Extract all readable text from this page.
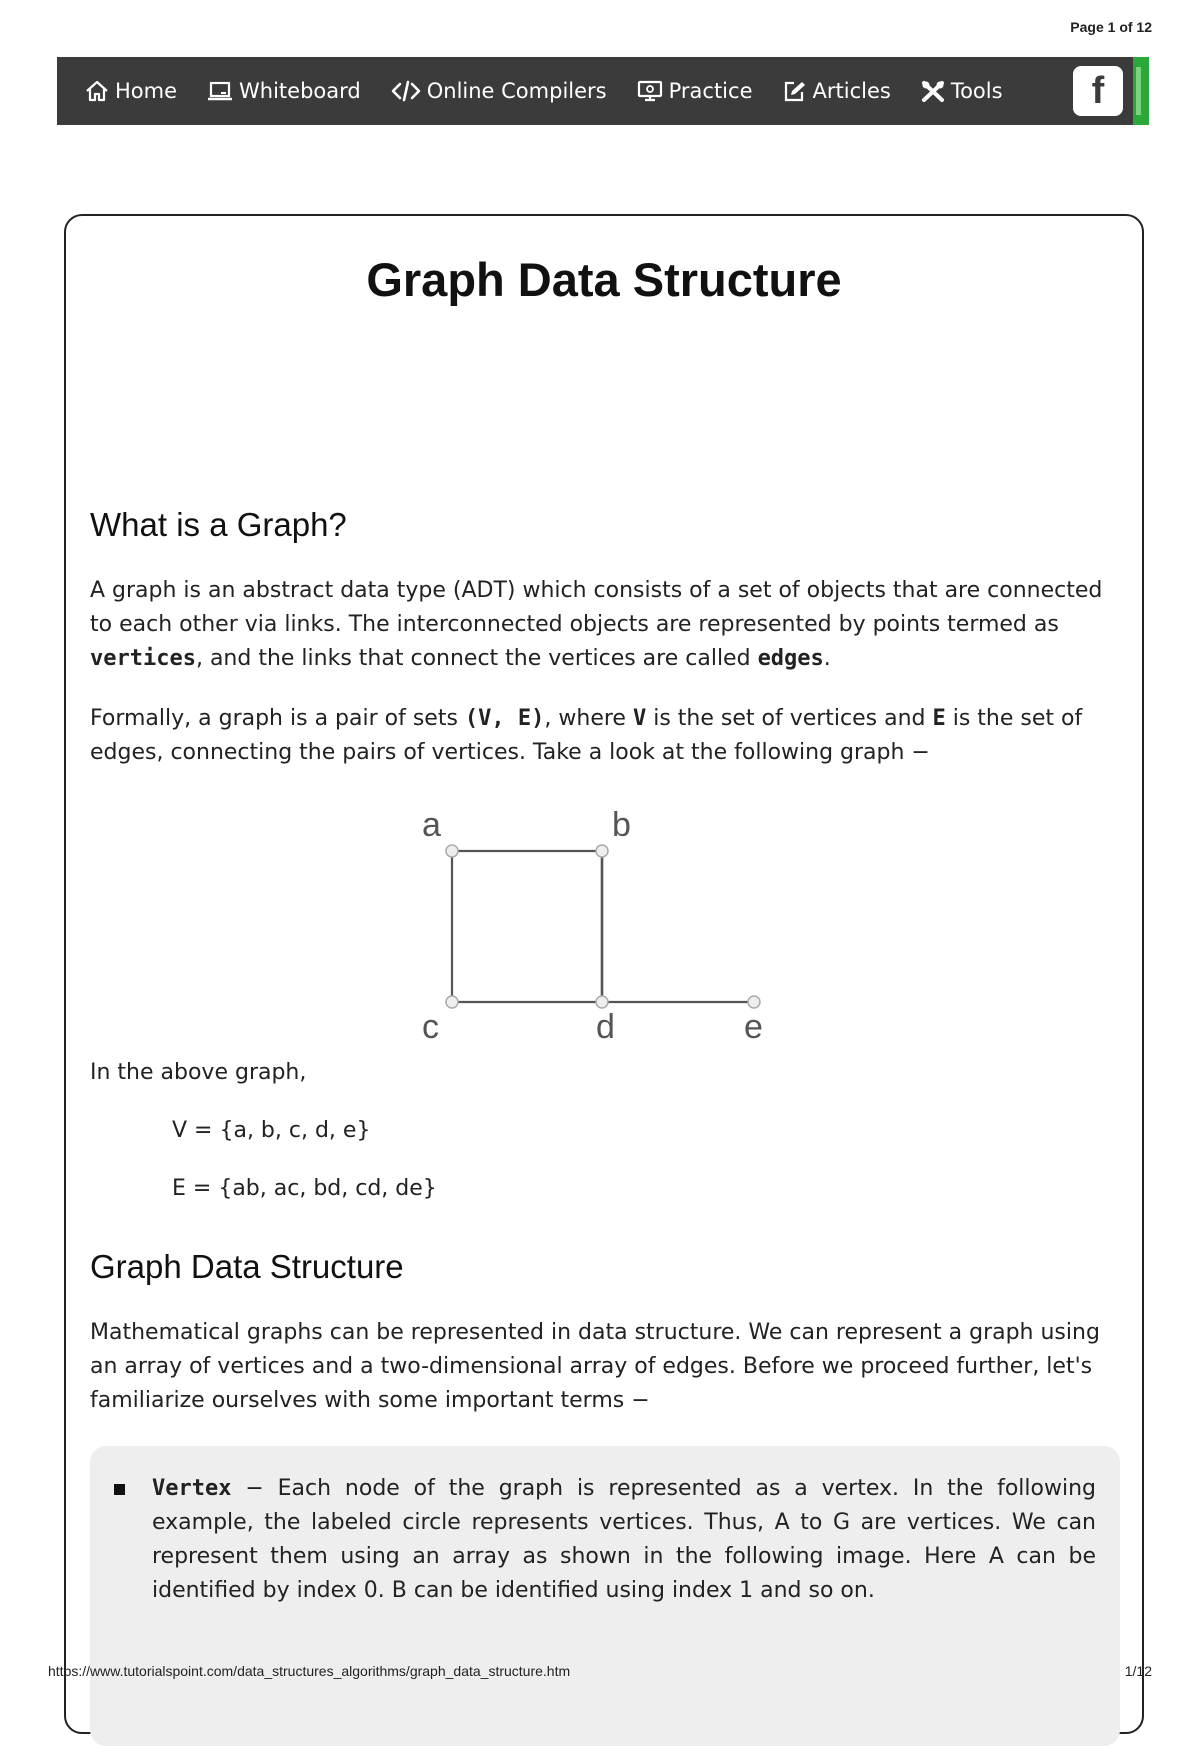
Page 1 of 12
Home	Whiteboard	Online Compilers	Practice	Articles	Tools f
Graph Data Structure
What is a Graph?

A graph is an abstract data type (ADT) which consists of a set of objects that are connected to each other via links. The interconnected objects are represented by points termed as vertices, and the links that connect the vertices are called edges.

Formally, a graph is a pair of sets (V, E), where V is the set of vertices and E is the set of edges, connecting the pairs of vertices. Take a look at the following graph −

a	b
c	d	e

In the above graph,

V = {a, b, c, d, e}

E = {ab, ac, bd, cd, de}

Graph Data Structure

Mathematical graphs can be represented in data structure. We can represent a graph using an array of vertices and a two-dimensional array of edges. Before we proceed further, let's familiarize ourselves with some important terms −

Vertex − Each node of the graph is represented as a vertex. In the following example, the labeled circle represents vertices. Thus, A to G are vertices. We can represent them using an array as shown in the following image. Here A can be identified by index 0. B can be identified using index 1 and so on.
https://www.tutorialspoint.com/data_structures_algorithms/graph_data_structure.htm	1/12
